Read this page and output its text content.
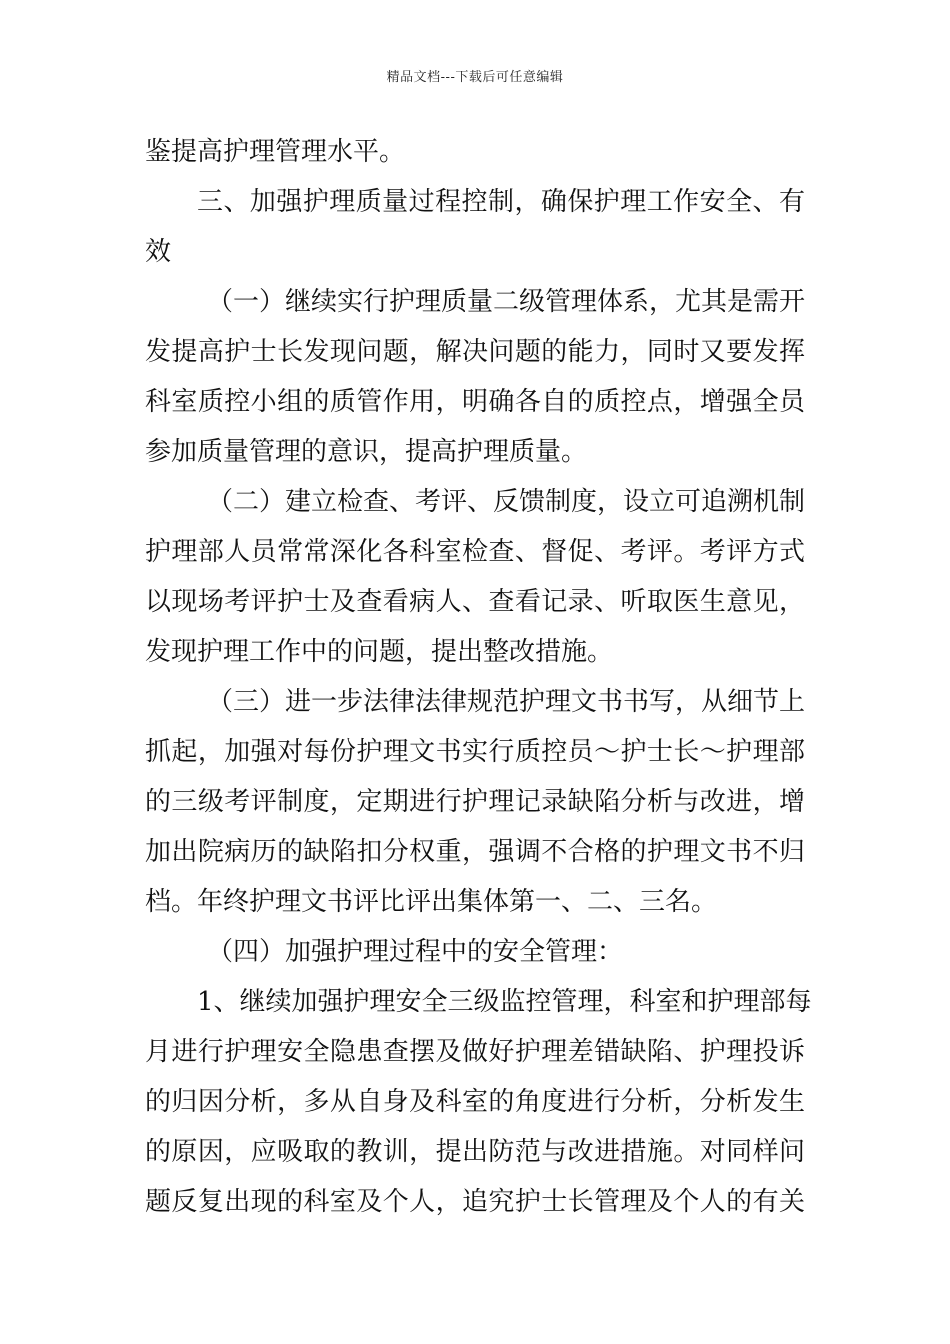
精品文档---下载后可任意编辑
鉴提高护理管理水平。
三、加强护理质量过程控制，确保护理工作安全、有
效
（一）继续实行护理质量二级管理体系，尤其是需开
发提高护士长发现问题，解决问题的能力，同时又要发挥
科室质控小组的质管作用，明确各自的质控点，增强全员
参加质量管理的意识，提高护理质量。
（二）建立检查、考评、反馈制度，设立可追溯机制
护理部人员常常深化各科室检查、督促、考评。考评方式
以现场考评护士及查看病人、查看记录、听取医生意见，
发现护理工作中的问题，提出整改措施。
（三）进一步法律法律规范护理文书书写，从细节上
抓起，加强对每份护理文书实行质控员～护士长～护理部
的三级考评制度，定期进行护理记录缺陷分析与改进，增
加出院病历的缺陷扣分权重，强调不合格的护理文书不归
档。年终护理文书评比评出集体第一、二、三名。
（四）加强护理过程中的安全管理：
1、继续加强护理安全三级监控管理，科室和护理部每
月进行护理安全隐患查摆及做好护理差错缺陷、护理投诉
的归因分析，多从自身及科室的角度进行分析，分析发生
的原因，应吸取的教训，提出防范与改进措施。对同样问
题反复出现的科室及个人，追究护士长管理及个人的有关
